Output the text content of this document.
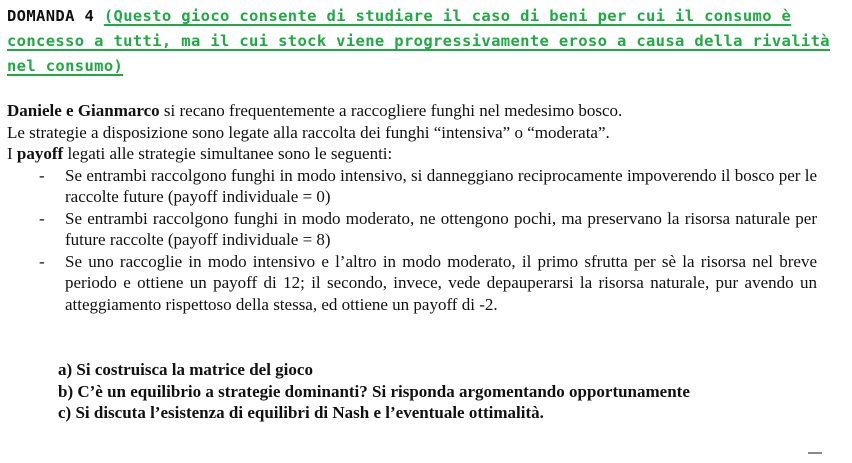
DOMANDA 4 (Questo gioco consente di studiare il caso di beni per cui il consumo è concesso a tutti, ma il cui stock viene progressivamente eroso a causa della rivalità nel consumo)

Daniele e Gianmarco si recano frequentemente a raccogliere funghi nel medesimo bosco.

Le strategie a disposizione sono legate alla raccolta dei funghi “intensiva” o “moderata”.

I payoff legati alle strategie simultanee sono le seguenti:

- Se entrambi raccolgono funghi in modo intensivo, si danneggiano reciprocamente impoverendo il bosco per le raccolte future (payoff individuale = 0)
- Se entrambi raccolgono funghi in modo moderato, ne ottengono pochi, ma preservano la risorsa naturale per future raccolte (payoff individuale = 8)
- Se uno raccoglie in modo intensivo e l’altro in modo moderato, il primo sfrutta per sè la risorsa nel breve periodo e ottiene un payoff di 12; il secondo, invece, vede depauperarsi la risorsa naturale, pur avendo un atteggiamento rispettoso della stessa, ed ottiene un payoff di -2.

a) Si costruisca la matrice del gioco

b) C’è un equilibrio a strategie dominanti? Si risponda argomentando opportunamente

c) Si discuta l’esistenza di equilibri di Nash e l’eventuale ottimalità.
